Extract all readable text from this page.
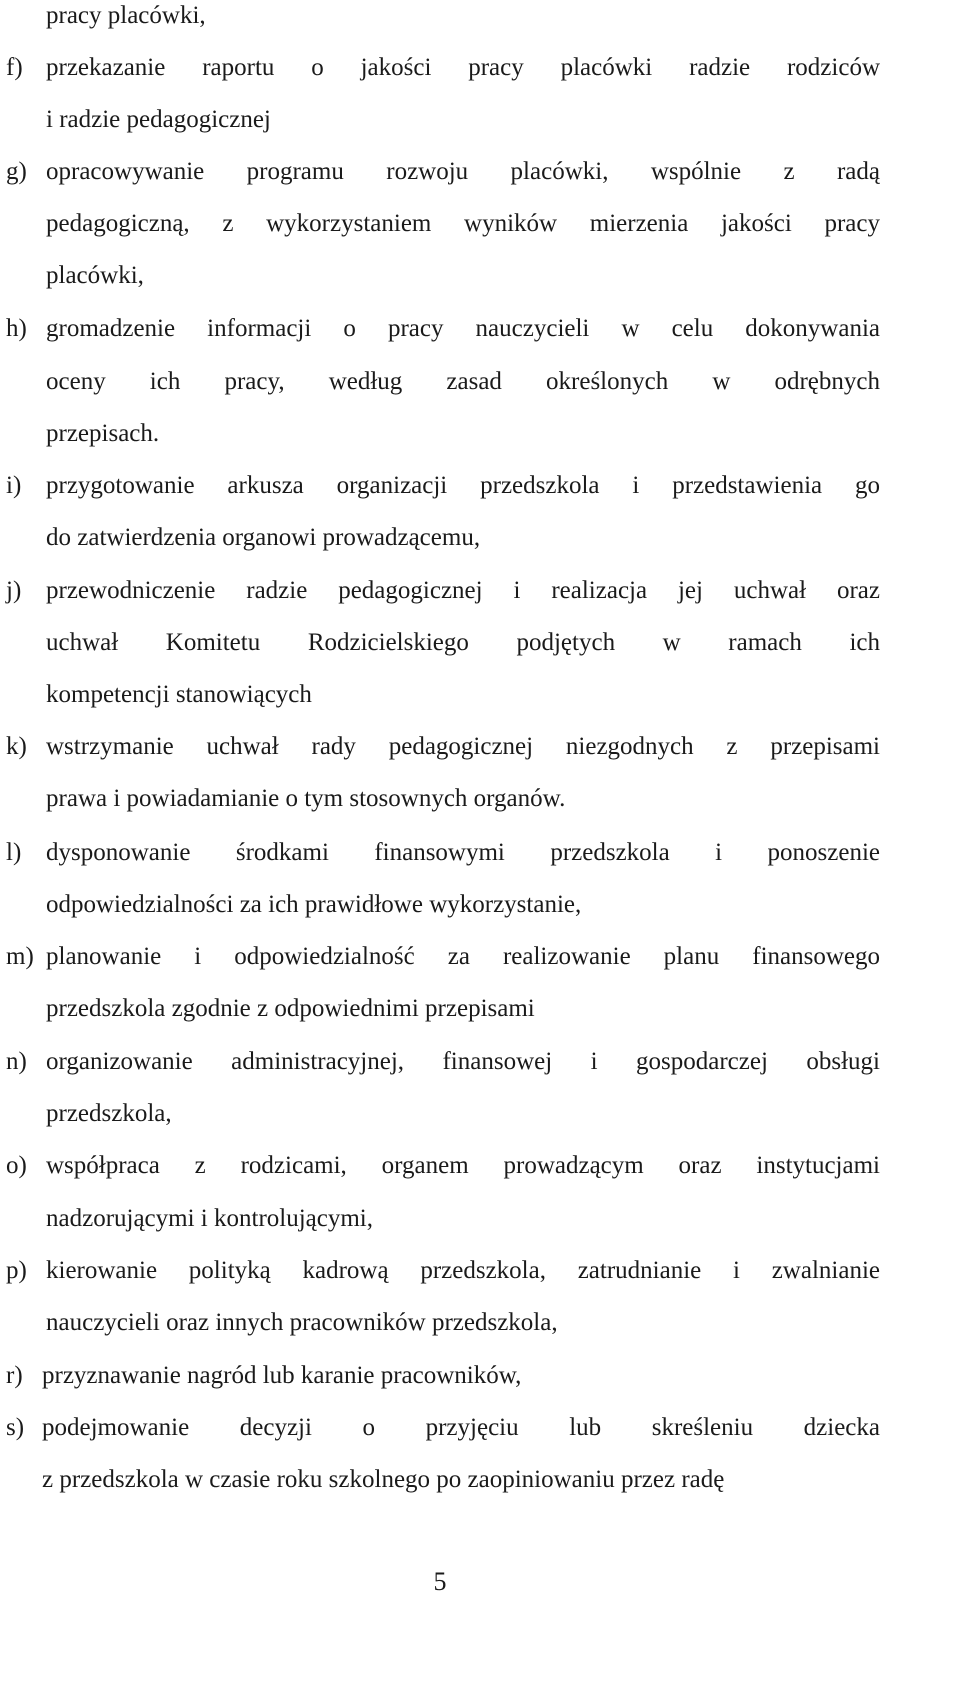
pracy placówki,
f) przekazanie raportu o jakości pracy placówki radzie rodziców
i radzie pedagogicznej
g) opracowywanie programu rozwoju placówki, wspólnie z radą
pedagogiczną, z wykorzystaniem wyników mierzenia jakości pracy
placówki,
h) gromadzenie informacji o pracy nauczycieli w celu dokonywania
oceny ich pracy, według zasad określonych w odrębnych
przepisach.
i) przygotowanie arkusza organizacji przedszkola i przedstawienia go
do zatwierdzenia organowi prowadzącemu,
j) przewodniczenie radzie pedagogicznej i realizacja jej uchwał oraz
uchwał Komitetu Rodzicielskiego podjętych w ramach ich
kompetencji stanowiących
k) wstrzymanie uchwał rady pedagogicznej niezgodnych z przepisami
prawa i powiadamianie o tym stosownych organów.
l) dysponowanie środkami finansowymi przedszkola i ponoszenie
odpowiedzialności za ich prawidłowe wykorzystanie,
m) planowanie i odpowiedzialność za realizowanie planu finansowego
przedszkola zgodnie z odpowiednimi przepisami
n) organizowanie administracyjnej, finansowej i gospodarczej obsługi
przedszkola,
o) współpraca z rodzicami, organem prowadzącym oraz instytucjami
nadzorującymi i kontrolującymi,
p) kierowanie polityką kadrową przedszkola, zatrudnianie i zwalnianie
nauczycieli oraz innych pracowników przedszkola,
r) przyznawanie nagród lub karanie pracowników,
s) podejmowanie decyzji o przyjęciu lub skreśleniu dziecka
z przedszkola w czasie roku szkolnego po zaopiniowaniu przez radę
5
